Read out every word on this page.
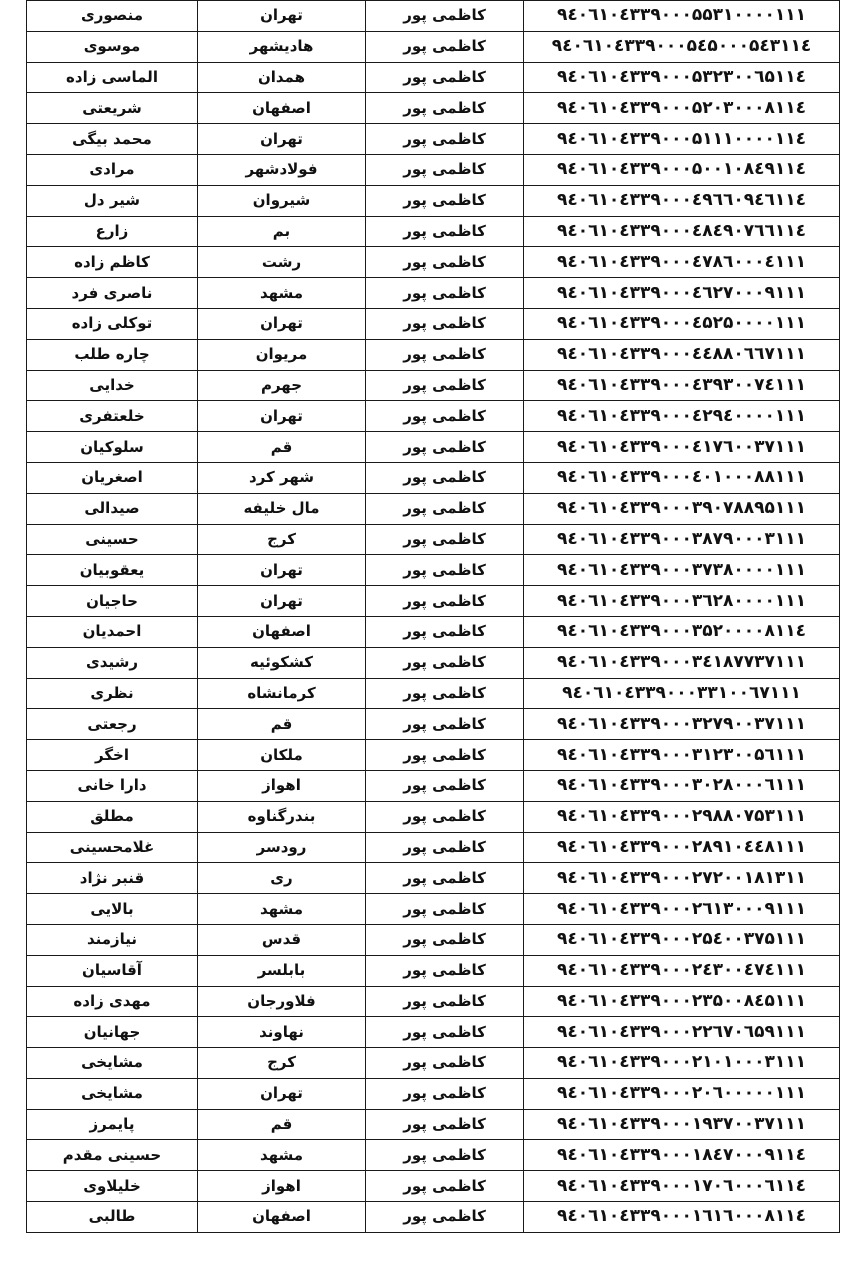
منصوری	تهران	کاظمی پور	۹٤۰٦۱۰٤۳۳۹۰۰۰۵۵۳۱۰۰۰۰۱۱۱
موسوی	هادیشهر	کاظمی پور	۹٤۰٦۱۰٤۳۳۹۰۰۰۵٤۵۰۰۰۵٤۳۱۱٤
الماسی زاده	همدان	کاظمی پور	۹٤۰٦۱۰٤۳۳۹۰۰۰۵۳۲۳۰۰٦۵۱۱٤
شریعتی	اصفهان	کاظمی پور	۹٤۰٦۱۰٤۳۳۹۰۰۰۵۲۰۳۰۰۰۸۱۱٤
محمد بیگی	تهران	کاظمی پور	۹٤۰٦۱۰٤۳۳۹۰۰۰۵۱۱۱۰۰۰۰۱۱٤
مرادی	فولادشهر	کاظمی پور	۹٤۰٦۱۰٤۳۳۹۰۰۰۵۰۰۱۰۸٤۹۱۱٤
شیر دل	شیروان	کاظمی پور	۹٤۰٦۱۰٤۳۳۹۰۰۰٤۹٦٦۰۹٤٦۱۱٤
زارع	بم	کاظمی پور	۹٤۰٦۱۰٤۳۳۹۰۰۰٤۸٤۹۰۷٦٦۱۱٤
کاظم زاده	رشت	کاظمی پور	۹٤۰٦۱۰٤۳۳۹۰۰۰٤۷۸٦۰۰۰٤۱۱۱
ناصری فرد	مشهد	کاظمی پور	۹٤۰٦۱۰٤۳۳۹۰۰۰٤٦۲۷۰۰۰۹۱۱۱
توکلی زاده	تهران	کاظمی پور	۹٤۰٦۱۰٤۳۳۹۰۰۰٤۵۲۵۰۰۰۰۱۱۱
چاره طلب	مریوان	کاظمی پور	۹٤۰٦۱۰٤۳۳۹۰۰۰٤٤۸۸۰٦٦۷۱۱۱
خدایی	جهرم	کاظمی پور	۹٤۰٦۱۰٤۳۳۹۰۰۰٤۳۹۳۰۰۷٤۱۱۱
خلعتفری	تهران	کاظمی پور	۹٤۰٦۱۰٤۳۳۹۰۰۰٤۲۹٤۰۰۰۰۱۱۱
سلوکیان	قم	کاظمی پور	۹٤۰٦۱۰٤۳۳۹۰۰۰٤۱۷٦۰۰۳۷۱۱۱
اصغریان	شهر کرد	کاظمی پور	۹٤۰٦۱۰٤۳۳۹۰۰۰٤۰۱۰۰۰۸۸۱۱۱
صیدالی	مال خلیفه	کاظمی پور	۹٤۰٦۱۰٤۳۳۹۰۰۰۳۹۰۷۸۸۹۵۱۱۱
حسینی	کرج	کاظمی پور	۹٤۰٦۱۰٤۳۳۹۰۰۰۳۸۷۹۰۰۰۳۱۱۱
یعقوبیان	تهران	کاظمی پور	۹٤۰٦۱۰٤۳۳۹۰۰۰۳۷۳۸۰۰۰۰۱۱۱
حاجیان	تهران	کاظمی پور	۹٤۰٦۱۰٤۳۳۹۰۰۰۳٦۲۸۰۰۰۰۱۱۱
احمدیان	اصفهان	کاظمی پور	۹٤۰٦۱۰٤۳۳۹۰۰۰۳۵۲۰۰۰۰۸۱۱٤
رشیدی	کشکوئیه	کاظمی پور	۹٤۰٦۱۰٤۳۳۹۰۰۰۳٤۱۸۷۷۳۷۱۱۱
نظری	کرمانشاه	کاظمی پور	۹٤۰٦۱۰٤۳۳۹۰۰۰۳۳۱۰۰٦۷۱۱۱
رجعتی	قم	کاظمی پور	۹٤۰٦۱۰٤۳۳۹۰۰۰۳۲۷۹۰۰۳۷۱۱۱
اخگر	ملکان	کاظمی پور	۹٤۰٦۱۰٤۳۳۹۰۰۰۳۱۲۳۰۰۵٦۱۱۱
دارا خانی	اهواز	کاظمی پور	۹٤۰٦۱۰٤۳۳۹۰۰۰۳۰۲۸۰۰۰٦۱۱۱
مطلق	بندرگناوه	کاظمی پور	۹٤۰٦۱۰٤۳۳۹۰۰۰۲۹۸۸۰۷۵۳۱۱۱
غلامحسینی	رودسر	کاظمی پور	۹٤۰٦۱۰٤۳۳۹۰۰۰۲۸۹۱۰٤٤۸۱۱۱
قنبر نژاد	ری	کاظمی پور	۹٤۰٦۱۰٤۳۳۹۰۰۰۲۷۲۰۰۱۸۱۳۱۱
بالایی	مشهد	کاظمی پور	۹٤۰٦۱۰٤۳۳۹۰۰۰۲٦۱۳۰۰۰۹۱۱۱
نیازمند	قدس	کاظمی پور	۹٤۰٦۱۰٤۳۳۹۰۰۰۲۵٤۰۰۳۷۵۱۱۱
آقاسیان	بابلسر	کاظمی پور	۹٤۰٦۱۰٤۳۳۹۰۰۰۲٤۳۰۰٤۷٤۱۱۱
مهدی زاده	فلاورجان	کاظمی پور	۹٤۰٦۱۰٤۳۳۹۰۰۰۲۳۵۰۰۸٤۵۱۱۱
جهانیان	نهاوند	کاظمی پور	۹٤۰٦۱۰٤۳۳۹۰۰۰۲۲٦۷۰٦۵۹۱۱۱
مشایخی	کرج	کاظمی پور	۹٤۰٦۱۰٤۳۳۹۰۰۰۲۱۰۱۰۰۰۳۱۱۱
مشایخی	تهران	کاظمی پور	۹٤۰٦۱۰٤۳۳۹۰۰۰۲۰٦۰۰۰۰۰۱۱۱
پایمرز	قم	کاظمی پور	۹٤۰٦۱۰٤۳۳۹۰۰۰۱۹۳۷۰۰۳۷۱۱۱
حسینی مقدم	مشهد	کاظمی پور	۹٤۰٦۱۰٤۳۳۹۰۰۰۱۸٤۷۰۰۰۹۱۱٤
خلیلاوی	اهواز	کاظمی پور	۹٤۰٦۱۰٤۳۳۹۰۰۰۱۷۰٦۰۰۰٦۱۱٤
طالبی	اصفهان	کاظمی پور	۹٤۰٦۱۰٤۳۳۹۰۰۰۱٦۱٦۰۰۰۸۱۱٤
